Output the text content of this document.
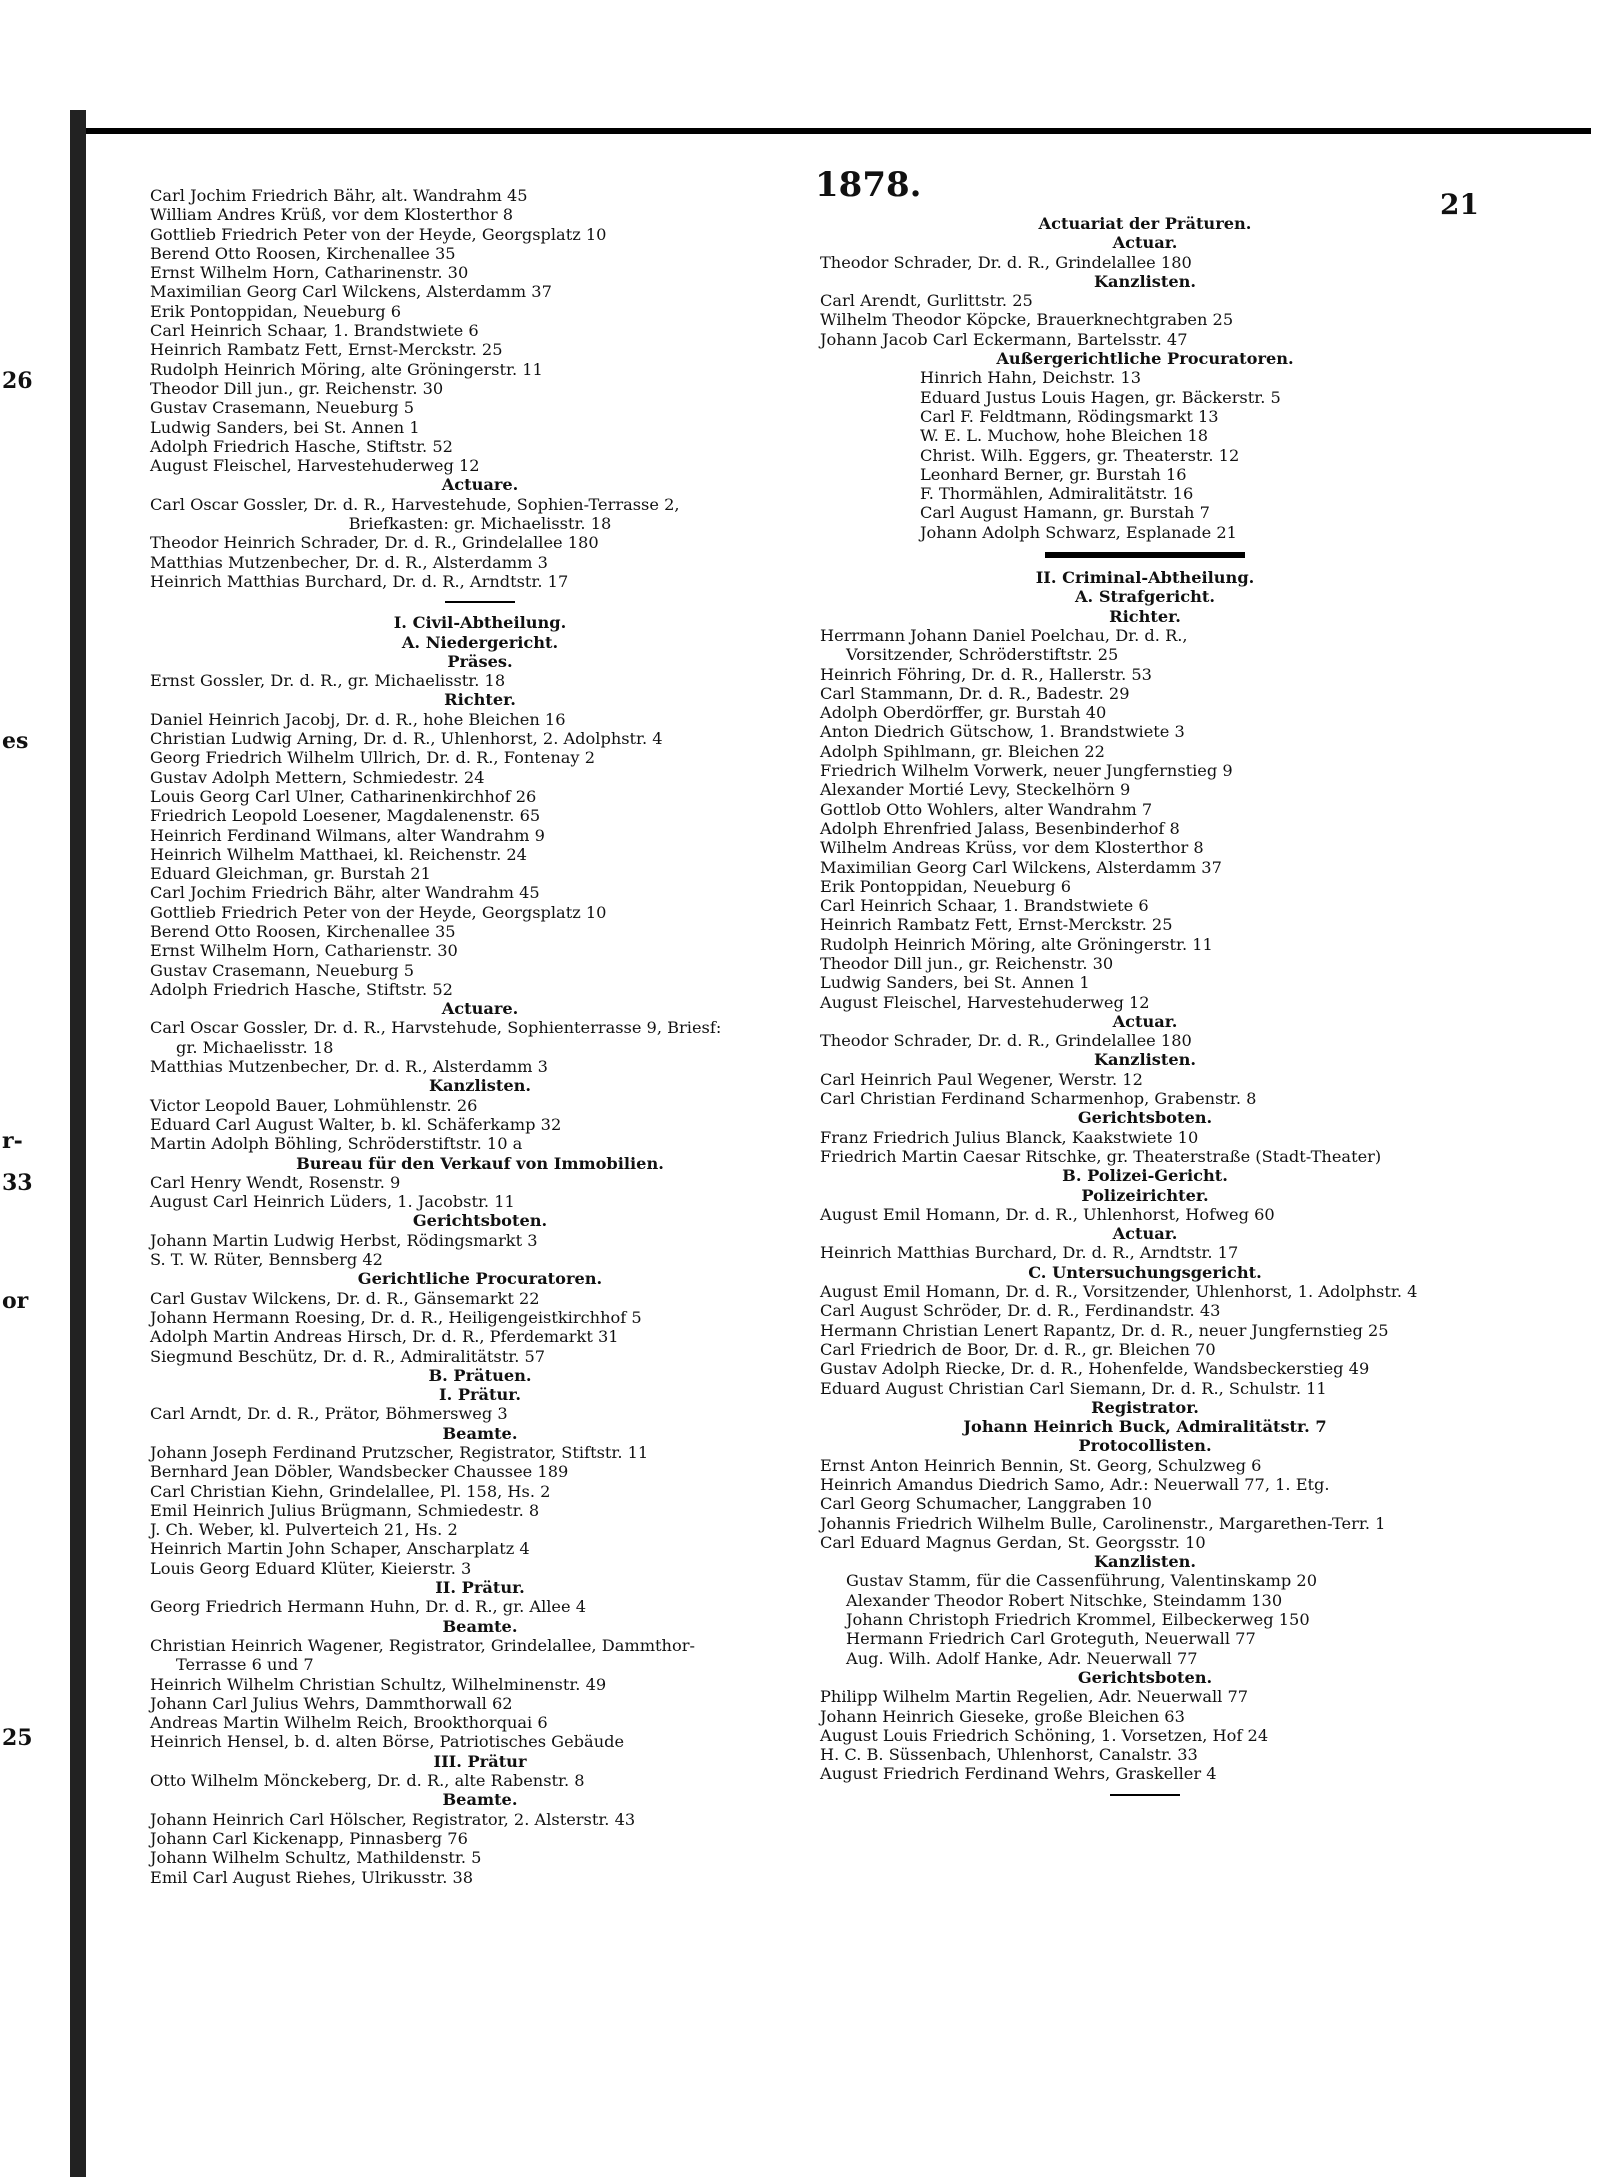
26
es
r-
33
or
25
1878.	21
Carl Jochim Friedrich Bähr, alt. Wandrahm 45
William Andres Krüß, vor dem Klosterthor 8
Gottlieb Friedrich Peter von der Heyde, Georgsplatz 10
Berend Otto Roosen, Kirchenallee 35
Ernst Wilhelm Horn, Catharinenstr. 30
Maximilian Georg Carl Wilckens, Alsterdamm 37
Erik Pontoppidan, Neueburg 6
Carl Heinrich Schaar, 1. Brandstwiete 6
Heinrich Rambatz Fett, Ernst-Merckstr. 25
Rudolph Heinrich Möring, alte Gröningerstr. 11
Theodor Dill jun., gr. Reichenstr. 30
Gustav Crasemann, Neueburg 5
Ludwig Sanders, bei St. Annen 1
Adolph Friedrich Hasche, Stiftstr. 52
August Fleischel, Harvestehuderweg 12
Actuare.
Carl Oscar Gossler, Dr. d. R., Harvestehude, Sophien-Terrasse 2,
Briefkasten: gr. Michaelisstr. 18
Theodor Heinrich Schrader, Dr. d. R., Grindelallee 180
Matthias Mutzenbecher, Dr. d. R., Alsterdamm 3
Heinrich Matthias Burchard, Dr. d. R., Arndtstr. 17
I. Civil-Abtheilung.
A. Niedergericht.
Präses.
Ernst Gossler, Dr. d. R., gr. Michaelisstr. 18
Richter.
Daniel Heinrich Jacobj, Dr. d. R., hohe Bleichen 16
Christian Ludwig Arning, Dr. d. R., Uhlenhorst, 2. Adolphstr. 4
Georg Friedrich Wilhelm Ullrich, Dr. d. R., Fontenay 2
Gustav Adolph Mettern, Schmiedestr. 24
Louis Georg Carl Ulner, Catharinenkirchhof 26
Friedrich Leopold Loesener, Magdalenenstr. 65
Heinrich Ferdinand Wilmans, alter Wandrahm 9
Heinrich Wilhelm Matthaei, kl. Reichenstr. 24
Eduard Gleichman, gr. Burstah 21
Carl Jochim Friedrich Bähr, alter Wandrahm 45
Gottlieb Friedrich Peter von der Heyde, Georgsplatz 10
Berend Otto Roosen, Kirchenallee 35
Ernst Wilhelm Horn, Catharienstr. 30
Gustav Crasemann, Neueburg 5
Adolph Friedrich Hasche, Stiftstr. 52
Actuare.
Carl Oscar Gossler, Dr. d. R., Harvstehude, Sophienterrasse 9, Briesf:
gr. Michaelisstr. 18
Matthias Mutzenbecher, Dr. d. R., Alsterdamm 3
Kanzlisten.
Victor Leopold Bauer, Lohmühlenstr. 26
Eduard Carl August Walter, b. kl. Schäferkamp 32
Martin Adolph Böhling, Schröderstiftstr. 10 a
Bureau für den Verkauf von Immobilien.
Carl Henry Wendt, Rosenstr. 9
August Carl Heinrich Lüders, 1. Jacobstr. 11
Gerichtsboten.
Johann Martin Ludwig Herbst, Rödingsmarkt 3
S. T. W. Rüter, Bennsberg 42
Gerichtliche Procuratoren.
Carl Gustav Wilckens, Dr. d. R., Gänsemarkt 22
Johann Hermann Roesing, Dr. d. R., Heiligengeistkirchhof 5
Adolph Martin Andreas Hirsch, Dr. d. R., Pferdemarkt 31
Siegmund Beschütz, Dr. d. R., Admiralitätstr. 57
B. Prätuen.
I. Prätur.
Carl Arndt, Dr. d. R., Prätor, Böhmersweg 3
Beamte.
Johann Joseph Ferdinand Prutzscher, Registrator, Stiftstr. 11
Bernhard Jean Döbler, Wandsbecker Chaussee 189
Carl Christian Kiehn, Grindelallee, Pl. 158, Hs. 2
Emil Heinrich Julius Brügmann, Schmiedestr. 8
J. Ch. Weber, kl. Pulverteich 21, Hs. 2
Heinrich Martin John Schaper, Anscharplatz 4
Louis Georg Eduard Klüter, Kieierstr. 3
II. Prätur.
Georg Friedrich Hermann Huhn, Dr. d. R., gr. Allee 4
Beamte.
Christian Heinrich Wagener, Registrator, Grindelallee, Dammthor-
Terrasse 6 und 7
Heinrich Wilhelm Christian Schultz, Wilhelminenstr. 49
Johann Carl Julius Wehrs, Dammthorwall 62
Andreas Martin Wilhelm Reich, Brookthorquai 6
Heinrich Hensel, b. d. alten Börse, Patriotisches Gebäude
III. Prätur
Otto Wilhelm Mönckeberg, Dr. d. R., alte Rabenstr. 8
Beamte.
Johann Heinrich Carl Hölscher, Registrator, 2. Alsterstr. 43
Johann Carl Kickenapp, Pinnasberg 76
Johann Wilhelm Schultz, Mathildenstr. 5
Emil Carl August Riehes, Ulrikusstr. 38
Actuariat der Präturen.
Actuar.
Theodor Schrader, Dr. d. R., Grindelallee 180
Kanzlisten.
Carl Arendt, Gurlittstr. 25
Wilhelm Theodor Köpcke, Brauerknechtgraben 25
Johann Jacob Carl Eckermann, Bartelsstr. 47
Außergerichtliche Procuratoren.
Hinrich Hahn, Deichstr. 13
Eduard Justus Louis Hagen, gr. Bäckerstr. 5
Carl F. Feldtmann, Rödingsmarkt 13
W. E. L. Muchow, hohe Bleichen 18
Christ. Wilh. Eggers, gr. Theaterstr. 12
Leonhard Berner, gr. Burstah 16
F. Thormählen, Admiralitätstr. 16
Carl August Hamann, gr. Burstah 7
Johann Adolph Schwarz, Esplanade 21
II. Criminal-Abtheilung.
A. Strafgericht.
Richter.
Herrmann Johann Daniel Poelchau, Dr. d. R.,
Vorsitzender, Schröderstiftstr. 25
Heinrich Föhring, Dr. d. R., Hallerstr. 53
Carl Stammann, Dr. d. R., Badestr. 29
Adolph Oberdörffer, gr. Burstah 40
Anton Diedrich Gütschow, 1. Brandstwiete 3
Adolph Spihlmann, gr. Bleichen 22
Friedrich Wilhelm Vorwerk, neuer Jungfernstieg 9
Alexander Mortié Levy, Steckelhörn 9
Gottlob Otto Wohlers, alter Wandrahm 7
Adolph Ehrenfried Jalass, Besenbinderhof 8
Wilhelm Andreas Krüss, vor dem Klosterthor 8
Maximilian Georg Carl Wilckens, Alsterdamm 37
Erik Pontoppidan, Neueburg 6
Carl Heinrich Schaar, 1. Brandstwiete 6
Heinrich Rambatz Fett, Ernst-Merckstr. 25
Rudolph Heinrich Möring, alte Gröningerstr. 11
Theodor Dill jun., gr. Reichenstr. 30
Ludwig Sanders, bei St. Annen 1
August Fleischel, Harvestehuderweg 12
Actuar.
Theodor Schrader, Dr. d. R., Grindelallee 180
Kanzlisten.
Carl Heinrich Paul Wegener, Werstr. 12
Carl Christian Ferdinand Scharmenhop, Grabenstr. 8
Gerichtsboten.
Franz Friedrich Julius Blanck, Kaakstwiete 10
Friedrich Martin Caesar Ritschke, gr. Theaterstraße (Stadt-Theater)
B. Polizei-Gericht.
Polizeirichter.
August Emil Homann, Dr. d. R., Uhlenhorst, Hofweg 60
Actuar.
Heinrich Matthias Burchard, Dr. d. R., Arndtstr. 17
C. Untersuchungsgericht.
August Emil Homann, Dr. d. R., Vorsitzender, Uhlenhorst, 1. Adolphstr. 4
Carl August Schröder, Dr. d. R., Ferdinandstr. 43
Hermann Christian Lenert Rapantz, Dr. d. R., neuer Jungfernstieg 25
Carl Friedrich de Boor, Dr. d. R., gr. Bleichen 70
Gustav Adolph Riecke, Dr. d. R., Hohenfelde, Wandsbeckerstieg 49
Eduard August Christian Carl Siemann, Dr. d. R., Schulstr. 11
Registrator.
Johann Heinrich Buck, Admiralitätstr. 7
Protocollisten.
Ernst Anton Heinrich Bennin, St. Georg, Schulzweg 6
Heinrich Amandus Diedrich Samo, Adr.: Neuerwall 77, 1. Etg.
Carl Georg Schumacher, Langgraben 10
Johannis Friedrich Wilhelm Bulle, Carolinenstr., Margarethen-Terr. 1
Carl Eduard Magnus Gerdan, St. Georgsstr. 10
Kanzlisten.
Gustav Stamm, für die Cassenführung, Valentinskamp 20
Alexander Theodor Robert Nitschke, Steindamm 130
Johann Christoph Friedrich Krommel, Eilbeckerweg 150
Hermann Friedrich Carl Groteguth, Neuerwall 77
Aug. Wilh. Adolf Hanke, Adr. Neuerwall 77
Gerichtsboten.
Philipp Wilhelm Martin Regelien, Adr. Neuerwall 77
Johann Heinrich Gieseke, große Bleichen 63
August Louis Friedrich Schöning, 1. Vorsetzen, Hof 24
H. C. B. Süssenbach, Uhlenhorst, Canalstr. 33
August Friedrich Ferdinand Wehrs, Graskeller 4
